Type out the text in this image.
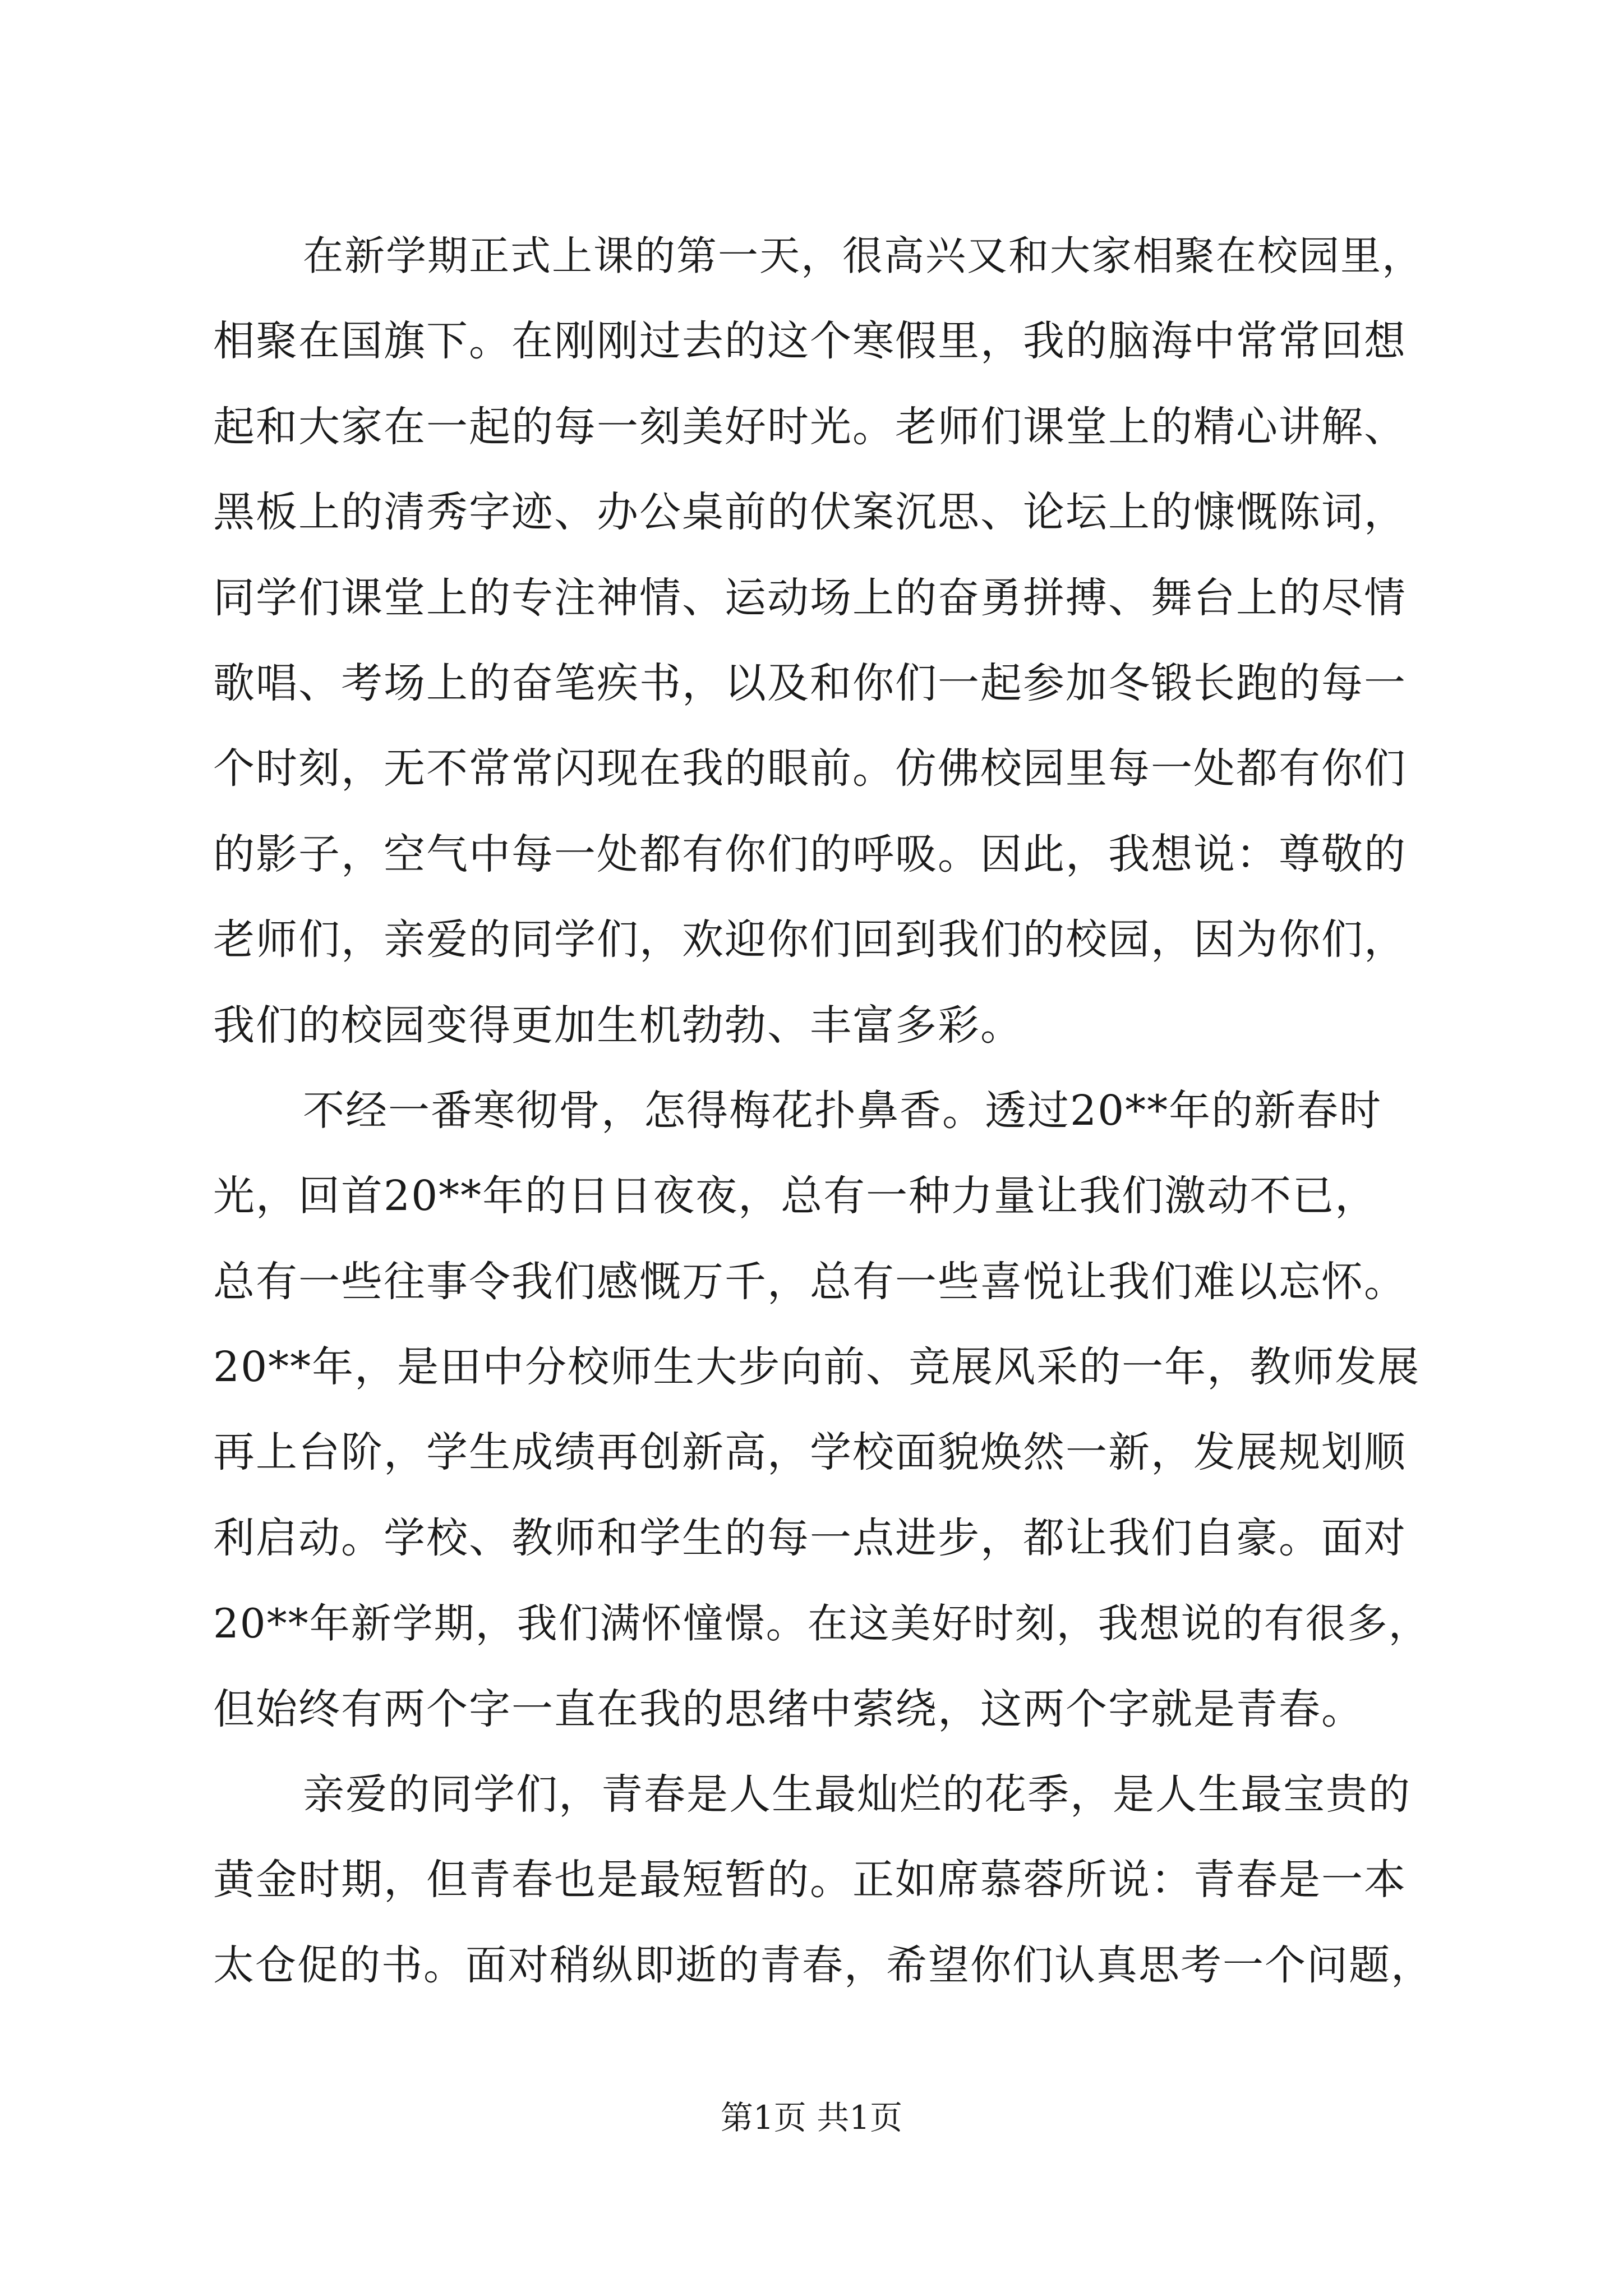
在新学期正式上课的第一天，很高兴又和大家相聚在校园里，
相聚在国旗下。在刚刚过去的这个寒假里，我的脑海中常常回想
起和大家在一起的每一刻美好时光。老师们课堂上的精心讲解、
黑板上的清秀字迹、办公桌前的伏案沉思、论坛上的慷慨陈词，
同学们课堂上的专注神情、运动场上的奋勇拼搏、舞台上的尽情
歌唱、考场上的奋笔疾书，以及和你们一起参加冬锻长跑的每一
个时刻，无不常常闪现在我的眼前。仿佛校园里每一处都有你们
的影子，空气中每一处都有你们的呼吸。因此，我想说：尊敬的
老师们，亲爱的同学们，欢迎你们回到我们的校园，因为你们，
我们的校园变得更加生机勃勃、丰富多彩。
不经一番寒彻骨，怎得梅花扑鼻香。透过20**年的新春时
光，回首20**年的日日夜夜，总有一种力量让我们激动不已，
总有一些往事令我们感慨万千，总有一些喜悦让我们难以忘怀。
20**年，是田中分校师生大步向前、竞展风采的一年，教师发展
再上台阶，学生成绩再创新高，学校面貌焕然一新，发展规划顺
利启动。学校、教师和学生的每一点进步，都让我们自豪。面对
20**年新学期，我们满怀憧憬。在这美好时刻，我想说的有很多，
但始终有两个字一直在我的思绪中萦绕，这两个字就是青春。
亲爱的同学们，青春是人生最灿烂的花季，是人生最宝贵的
黄金时期，但青春也是最短暂的。正如席慕蓉所说：青春是一本
太仓促的书。面对稍纵即逝的青春，希望你们认真思考一个问题，
第1页 共1页
